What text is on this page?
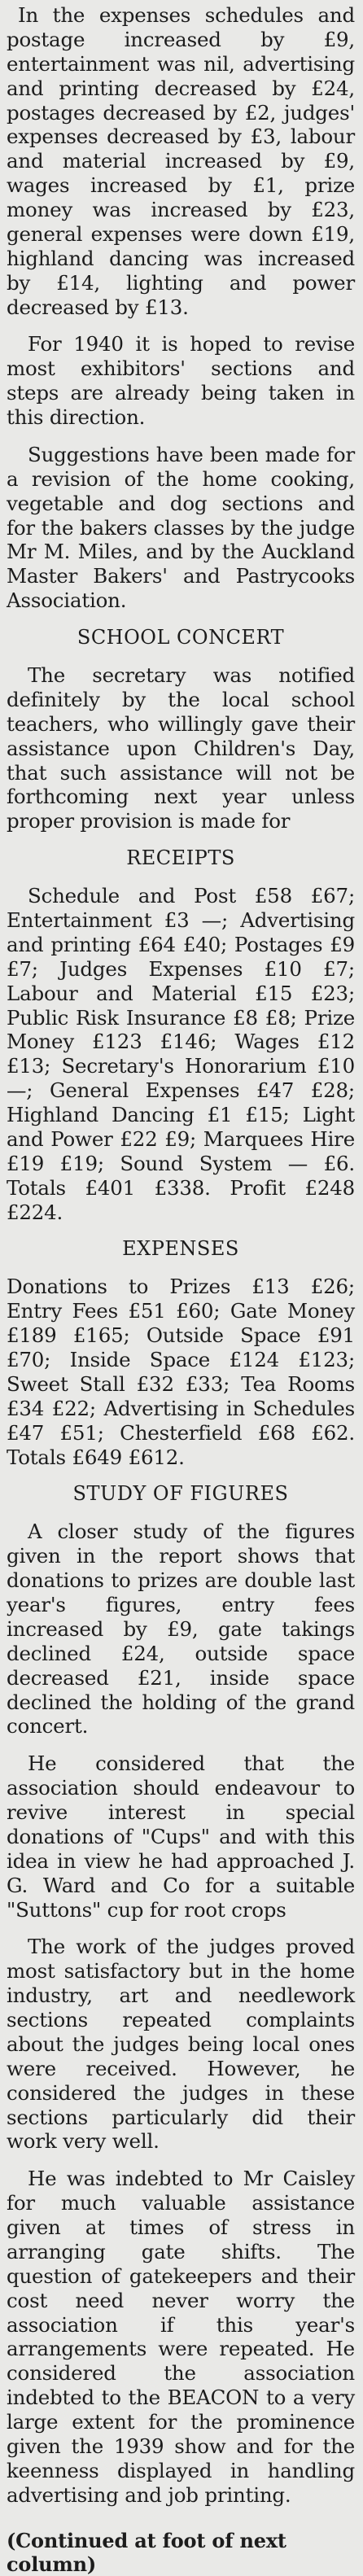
In the expenses schedules and postage increased by £9, entertainment was nil, advertising and printing decreased by £24, postages decreased by £2, judges' expenses decreased by £3, labour and material increased by £9, wages increased by £1, prize money was increased by £23, general expenses were down £19, highland dancing was increased by £14, lighting and power decreased by £13.

For 1940 it is hoped to revise most exhibitors' sections and steps are already being taken in this direction.

Suggestions have been made for a revision of the home cooking, vegetable and dog sections and for the bakers classes by the judge Mr M. Miles, and by the Auckland Master Bakers' and Pastrycooks Association.

SCHOOL CONCERT

The secretary was notified definitely by the local school teachers, who willingly gave their assistance upon Children's Day, that such assistance will not be forthcoming next year unless proper provision is made for

RECEIPTS

Schedule and Post £58 £67; Entertainment £3 —; Advertising and printing £64 £40; Postages £9 £7; Judges Expenses £10 £7; Labour and Material £15 £23; Public Risk Insurance £8 £8; Prize Money £123 £146; Wages £12 £13; Secretary's Honorarium £10 —; General Expenses £47 £28; Highland Dancing £1 £15; Light and Power £22 £9; Marquees Hire £19 £19; Sound System — £6. Totals £401 £338. Profit £248 £224.

EXPENSES

Donations to Prizes £13 £26; Entry Fees £51 £60; Gate Money £189 £165; Outside Space £91 £70; Inside Space £124 £123; Sweet Stall £32 £33; Tea Rooms £34 £22; Advertising in Schedules £47 £51; Chesterfield £68 £62. Totals £649 £612.

STUDY OF FIGURES

A closer study of the figures given in the report shows that donations to prizes are double last year's figures, entry fees increased by £9, gate takings declined £24, outside space decreased £21, inside space declined the holding of the grand concert.

He considered that the association should endeavour to revive interest in special donations of "Cups" and with this idea in view he had approached J. G. Ward and Co for a suitable "Suttons" cup for root crops

The work of the judges proved most satisfactory but in the home industry, art and needlework sections repeated complaints about the judges being local ones were received. However, he considered the judges in these sections particularly did their work very well.

He was indebted to Mr Caisley for much valuable assistance given at times of stress in arranging gate shifts. The question of gatekeepers and their cost need never worry the association if this year's arrangements were repeated. He considered the association indebted to the BEACON to a very large extent for the prominence given the 1939 show and for the keenness displayed in handling advertising and job printing.

(Continued at foot of next column)
